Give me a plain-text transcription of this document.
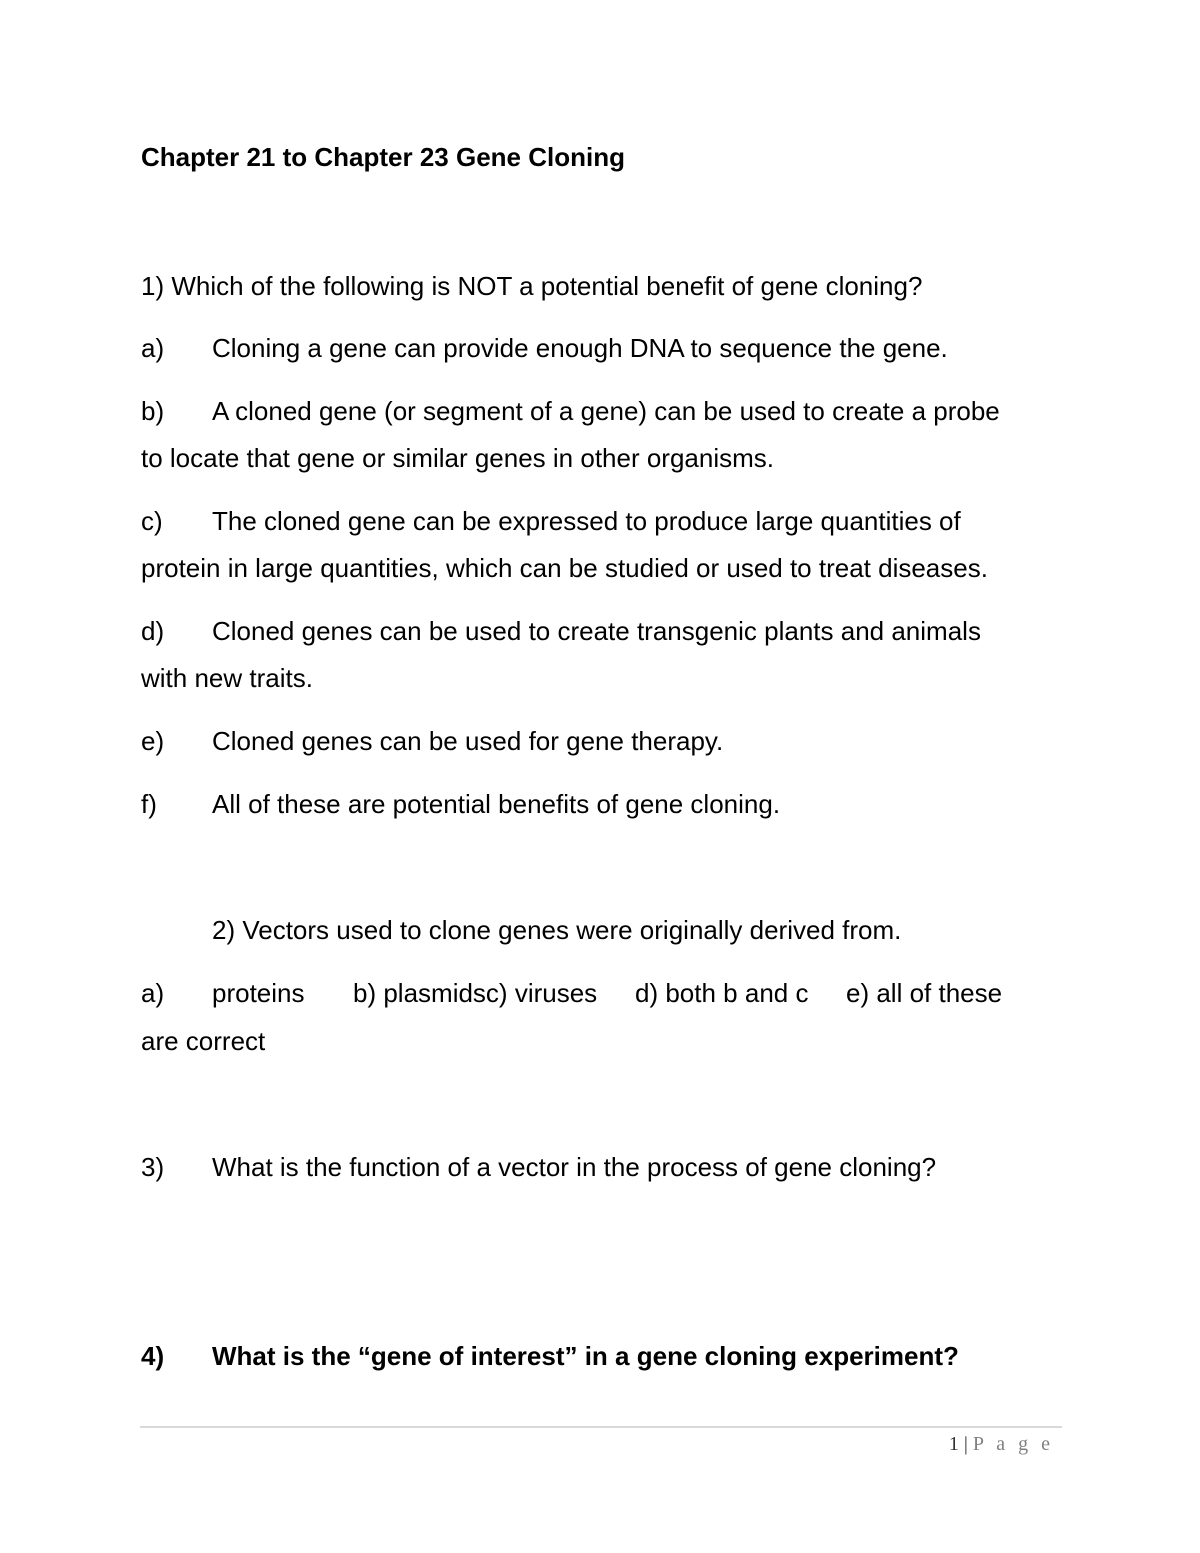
Chapter 21 to Chapter 23 Gene Cloning
1) Which of the following is NOT a potential benefit of gene cloning?
a) Cloning a gene can provide enough DNA to sequence the gene.
b) A cloned gene (or segment of a gene) can be used to create a probe
to locate that gene or similar genes in other organisms.
c) The cloned gene can be expressed to produce large quantities of
protein in large quantities, which can be studied or used to treat diseases.
d) Cloned genes can be used to create transgenic plants and animals
with new traits.
e) Cloned genes can be used for gene therapy.
f) All of these are potential benefits of gene cloning.
2) Vectors used to clone genes were originally derived from.
a) proteins b) plasmidsc) viruses d) both b and c e) all of these
are correct
3) What is the function of a vector in the process of gene cloning?
4) What is the “gene of interest” in a gene cloning experiment?
1 | P a g e
